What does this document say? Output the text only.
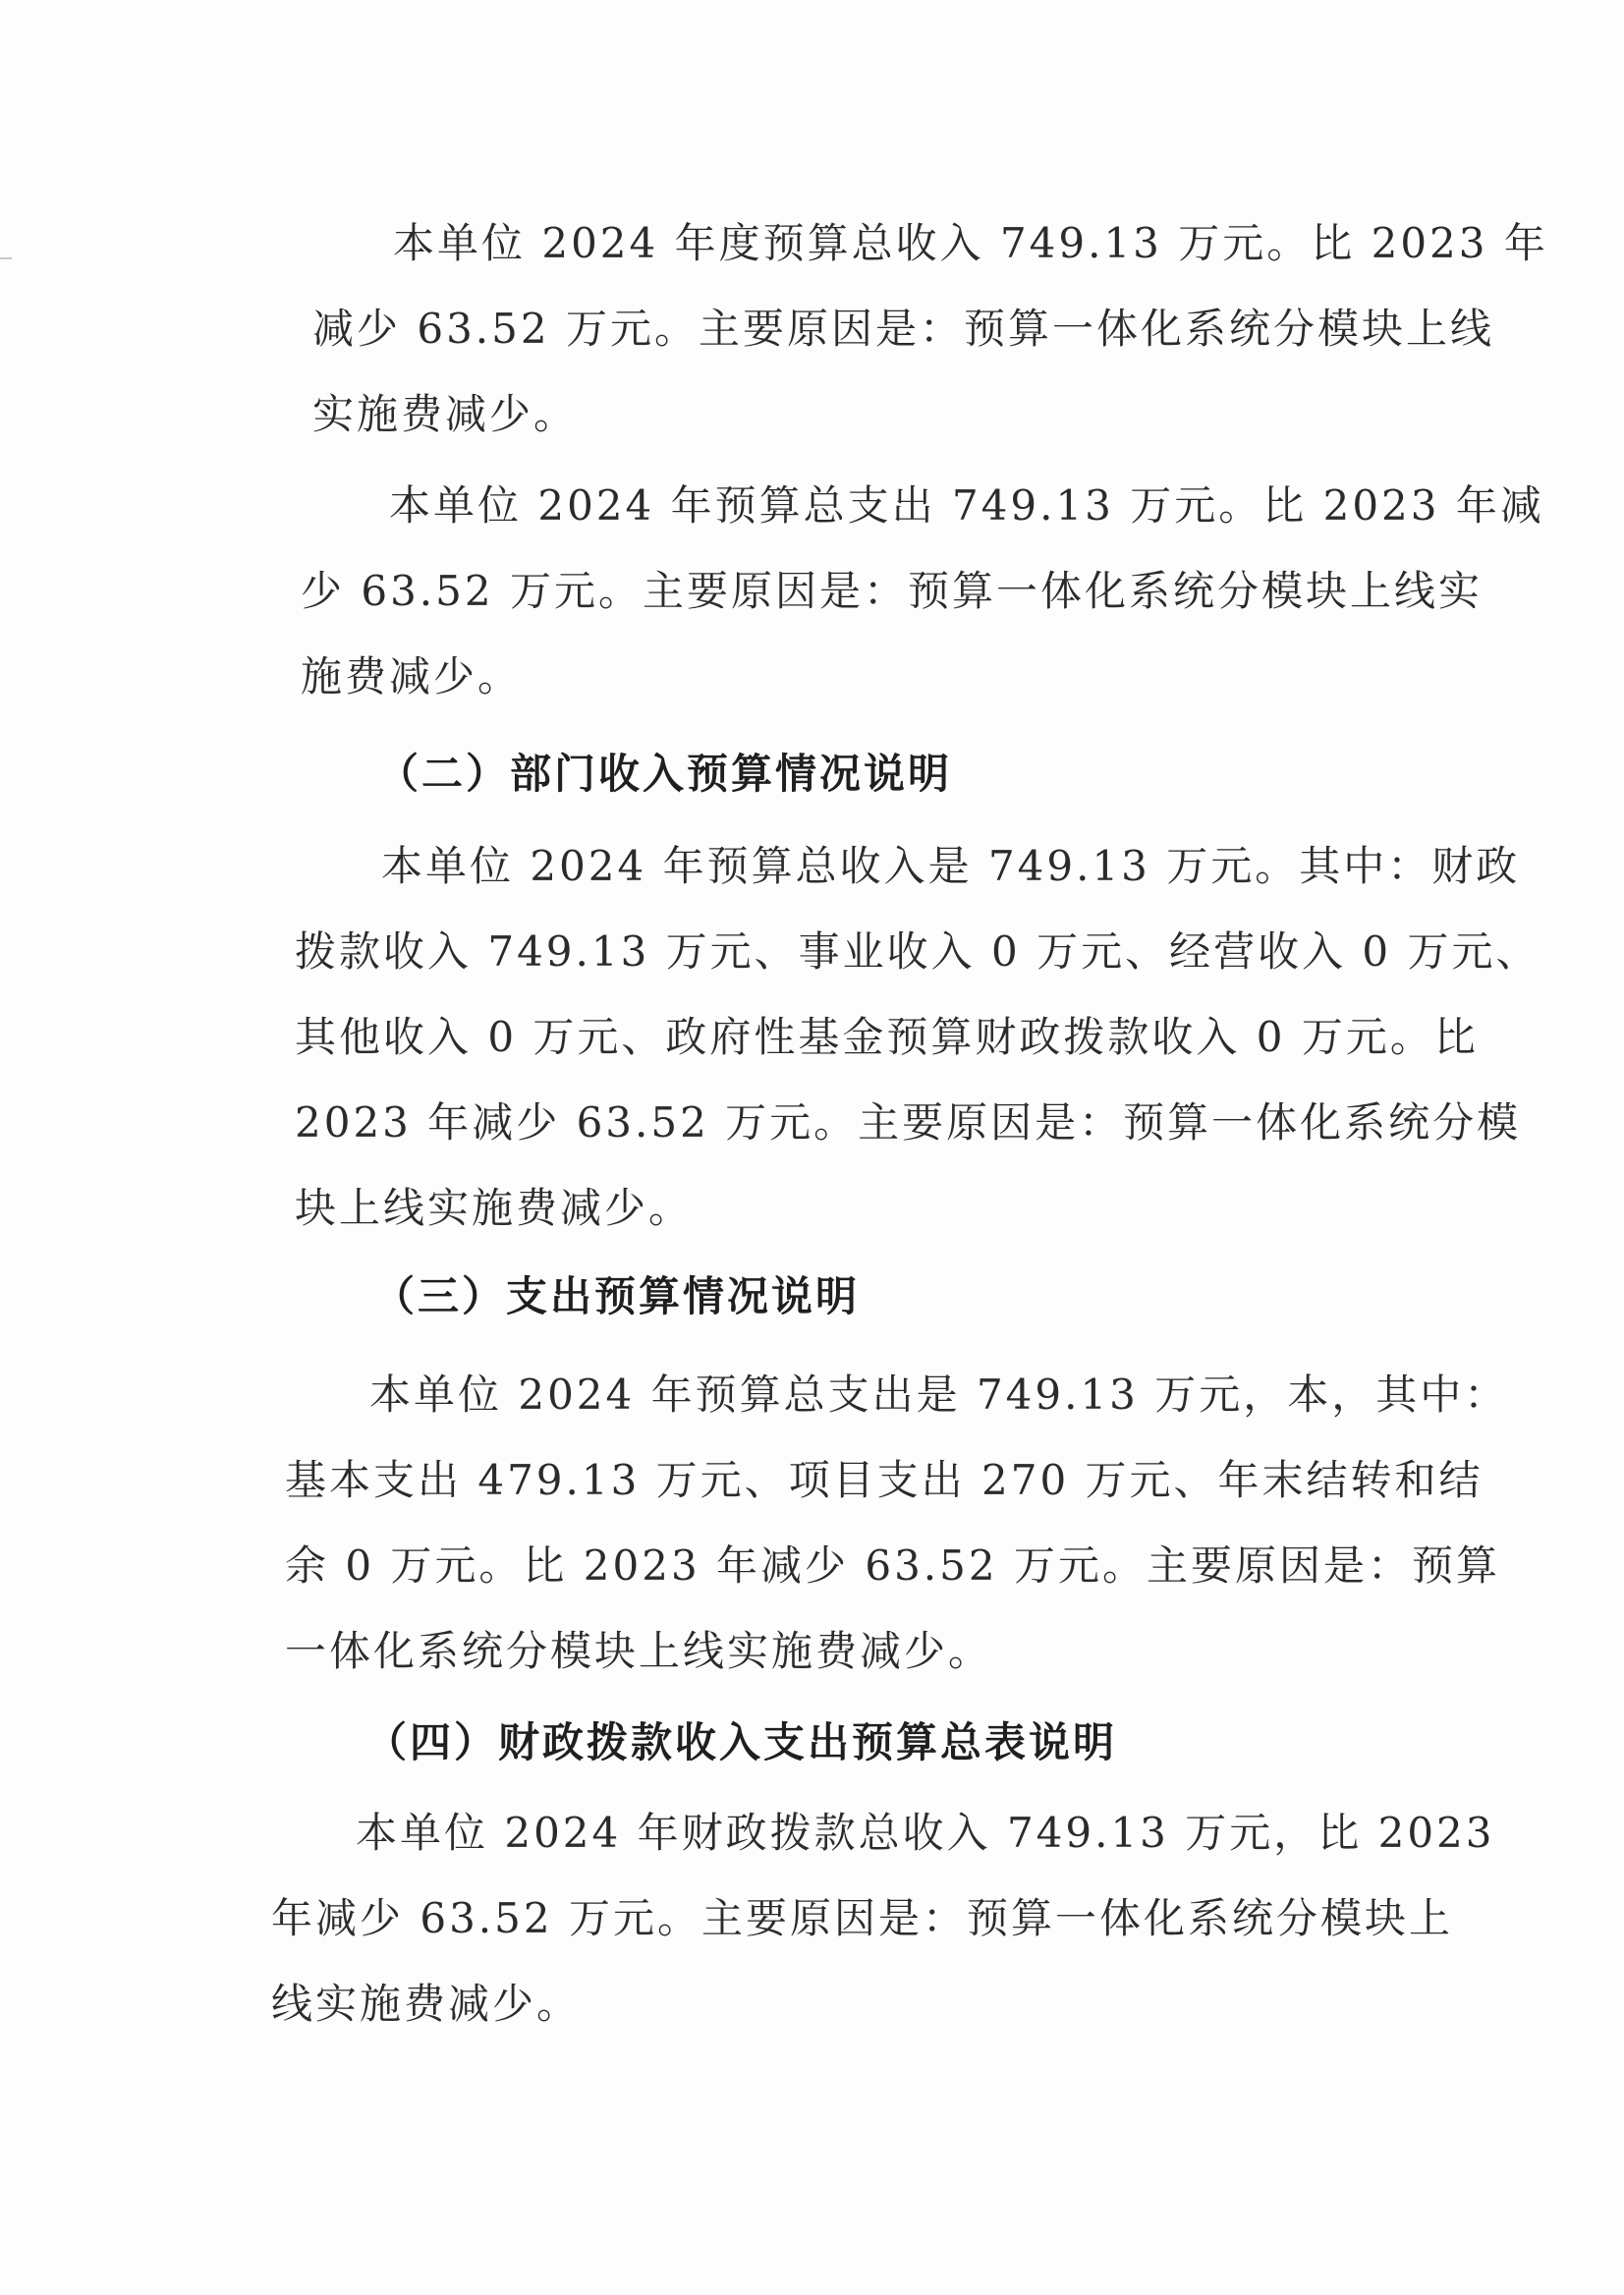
本单位 2024 年度预算总收入 749.13 万元。比 2023 年
减少 63.52 万元。主要原因是：预算一体化系统分模块上线
实施费减少。
本单位 2024 年预算总支出 749.13 万元。比 2023 年减
少 63.52 万元。主要原因是：预算一体化系统分模块上线实
施费减少。
（二）部门收入预算情况说明
本单位 2024 年预算总收入是 749.13 万元。其中：财政
拨款收入 749.13 万元、事业收入 0 万元、经营收入 0 万元、
其他收入 0 万元、政府性基金预算财政拨款收入 0 万元。比
2023 年减少 63.52 万元。主要原因是：预算一体化系统分模
块上线实施费减少。
（三）支出预算情况说明
本单位 2024 年预算总支出是 749.13 万元，本，其中：
基本支出 479.13 万元、项目支出 270 万元、年末结转和结
余 0 万元。比 2023 年减少 63.52 万元。主要原因是：预算
一体化系统分模块上线实施费减少。
（四）财政拨款收入支出预算总表说明
本单位 2024 年财政拨款总收入 749.13 万元，比 2023
年减少 63.52 万元。主要原因是：预算一体化系统分模块上
线实施费减少。
